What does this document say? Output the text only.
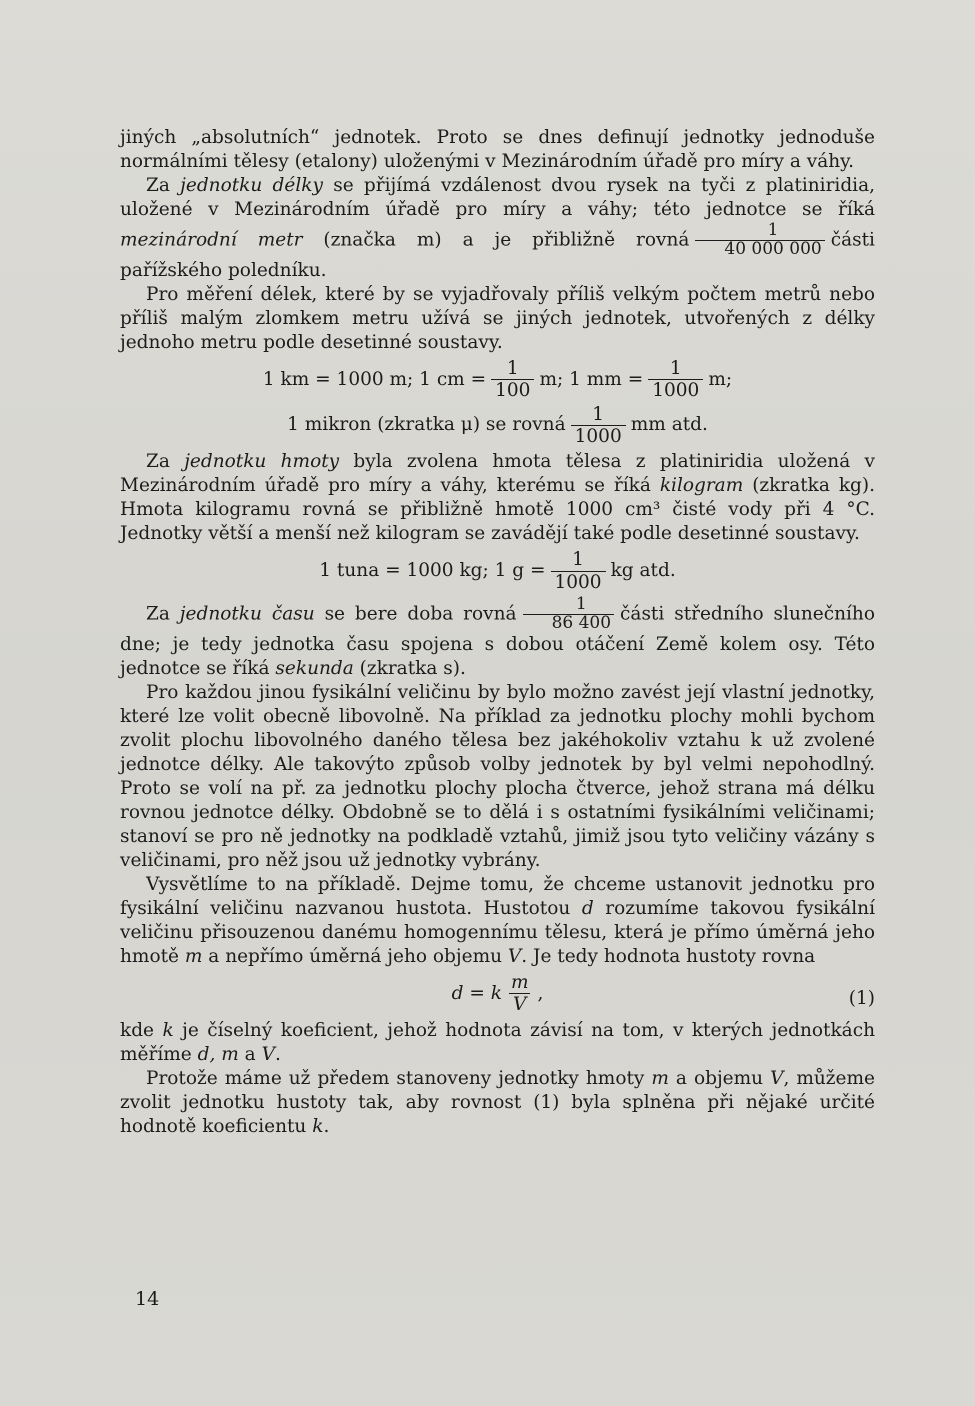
jiných „absolutních“ jednotek. Proto se dnes definují jednotky jednoduše normálními tělesy (etalony) uloženými v Mezinárodním úřadě pro míry a váhy.

Za jednotku délky se přijímá vzdálenost dvou rysek na tyči z platiniridia, uložené v Mezinárodním úřadě pro míry a váhy; této jednotce se říká mezinárodní metr (značka m) a je přibližně rovná $\frac{1}{40 000 000}$ části pařížského poledníku.

Pro měření délek, které by se vyjadřovaly příliš velkým počtem metrů nebo příliš malým zlomkem metru užívá se jiných jednotek, utvořených z délky jednoho metru podle desetinné soustavy.

1 km = 1000 m; 1 cm = $\frac{1}{100} m$; 1 mm = $\frac{1}{1000} m$;
1 mikron (zkratka μ) se rovná $\frac{1}{1000}$ mm atd.

Za jednotku hmoty byla zvolena hmota tělesa z platiniridia uložená v Mezinárodním úřadě pro míry a váhy, kterému se říká kilogram (zkratka kg). Hmota kilogramu rovná se přibližně hmotě 1000 cm³ čisté vody při 4 °C. Jednotky větší a menší než kilogram se zavádějí také podle desetinné soustavy.

1 tuna = 1000 kg; 1 $g = \frac{1}{1000}$ kg atd.

Za jednotku času se bere doba rovná $\frac{1}{86 400}$ části středního slunečního dne; je tedy jednotka času spojena s dobou otáčení Země kolem osy. Této jednotce se říká sekunda (zkratka s).

Pro každou jinou fysikální veličinu by bylo možno zavést její vlastní jednotky, které lze volit obecně libovolně. Na příklad za jednotku plochy mohli bychom zvolit plochu libovolného daného tělesa bez jakéhokoliv vztahu k už zvolené jednotce délky. Ale takovýto způsob volby jednotek by byl velmi nepohodlný. Proto se volí na př. za jednotku plochy plocha čtverce, jehož strana má délku rovnou jednotce délky. Obdobně se to dělá i s ostatními fysikálními veličinami; stanoví se pro ně jednotky na podkladě vztahů, jimiž jsou tyto veličiny vázány s veličinami, pro něž jsou už jednotky vybrány.

Vysvětlíme to na příkladě. Dejme tomu, že chceme ustanovit jednotku pro fysikální veličinu nazvanou hustota. Hustotou d rozumíme takovou fysikální veličinu přisouzenou danému homogennímu tělesu, která je přímo úměrná jeho hmotě m a nepřímo úměrná jeho objemu V. Je tedy hodnota hustoty rovna

d = k $\frac{m}{V}$ ,	(1)

kde k je číselný koeficient, jehož hodnota závisí na tom, v kterých jednotkách měříme d, m a V.

Protože máme už předem stanoveny jednotky hmoty m a objemu V, můžeme zvolit jednotku hustoty tak, aby rovnost (1) byla splněna při nějaké určité hodnotě koeficientu k.

14
